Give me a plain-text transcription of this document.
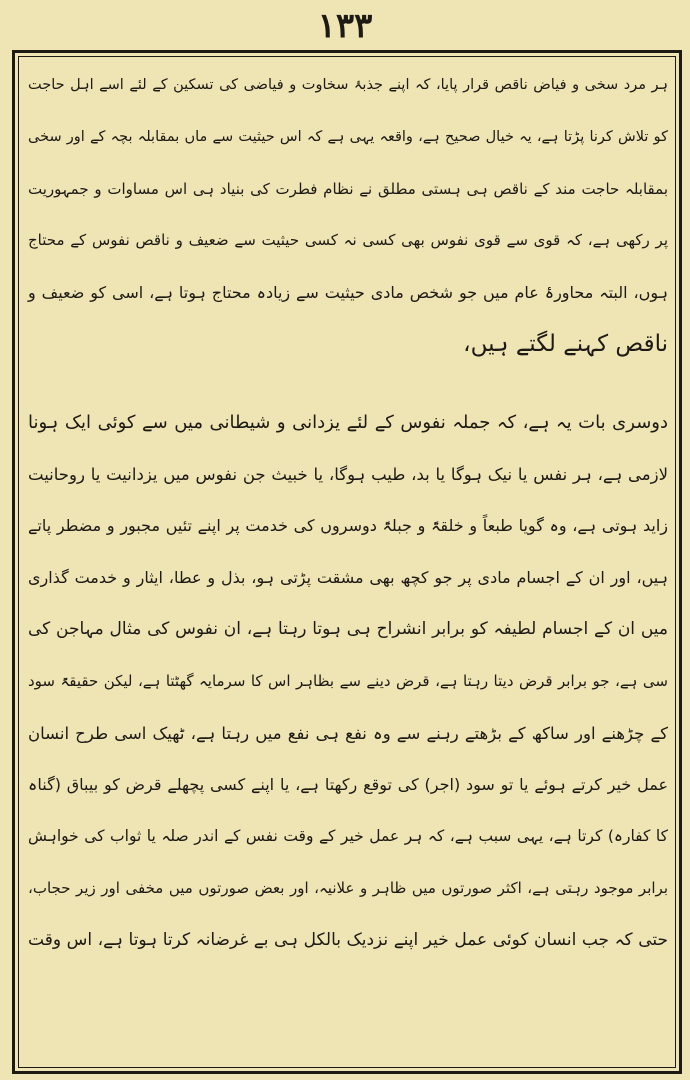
۱۳۳
ہر مرد سخی و فیاض ناقص قرار پایا، کہ اپنے جذبۂ سخاوت و فیاضی کی تسکین کے لئے اسے اہل حاجت
کو تلاش کرنا پڑتا ہے، یہ خیال صحیح ہے، واقعہ یہی ہے کہ اس حیثیت سے ماں بمقابلہ بچہ کے اور سخی
بمقابلہ حاجت مند کے ناقص ہی ہستی مطلق نے نظام فطرت کی بنیاد ہی اس مساوات و جمہوریت
پر رکھی ہے، کہ قوی سے قوی نفوس بھی کسی نہ کسی حیثیت سے ضعیف و ناقص نفوس کے محتاج
ہوں، البتہ محاورۂ عام میں جو شخص مادی حیثیت سے زیادہ محتاج ہوتا ہے، اسی کو ضعیف و
ناقص کہنے لگتے ہیں،
دوسری بات یہ ہے، کہ جملہ نفوس کے لئے یزدانی و شیطانی میں سے کوئی ایک ہونا
لازمی ہے، ہر نفس یا نیک ہوگا یا بد، طیب ہوگا، یا خبیث جن نفوس میں یزدانیت یا روحانیت
زاید ہوتی ہے، وہ گویا طبعاً و خلقۃً و جبلۃً دوسروں کی خدمت پر اپنے تئیں مجبور و مضطر پاتے
ہیں، اور ان کے اجسام مادی پر جو کچھ بھی مشقت پڑتی ہو، بذل و عطا، ایثار و خدمت گذاری
میں ان کے اجسام لطیفہ کو برابر انشراح ہی ہوتا رہتا ہے، ان نفوس کی مثال مہاجن کی
سی ہے، جو برابر قرض دیتا رہتا ہے، قرض دینے سے بظاہر اس کا سرمایہ گھٹتا ہے، لیکن حقیقۃً سود
کے چڑھنے اور ساکھ کے بڑھتے رہنے سے وہ نفع ہی نفع میں رہتا ہے، ٹھیک اسی طرح انسان
عمل خیر کرتے ہوئے یا تو سود (اجر) کی توقع رکھتا ہے، یا اپنے کسی پچھلے قرض کو بیباق (گناہ
کا کفارہ) کرتا ہے، یہی سبب ہے، کہ ہر عمل خیر کے وقت نفس کے اندر صلہ یا ثواب کی خواہش
برابر موجود رہتی ہے، اکثر صورتوں میں ظاہر و علانیہ، اور بعض صورتوں میں مخفی اور زیر حجاب،
حتی کہ جب انسان کوئی عمل خیر اپنے نزدیک بالکل ہی بے غرضانہ کرتا ہوتا ہے، اس وقت
